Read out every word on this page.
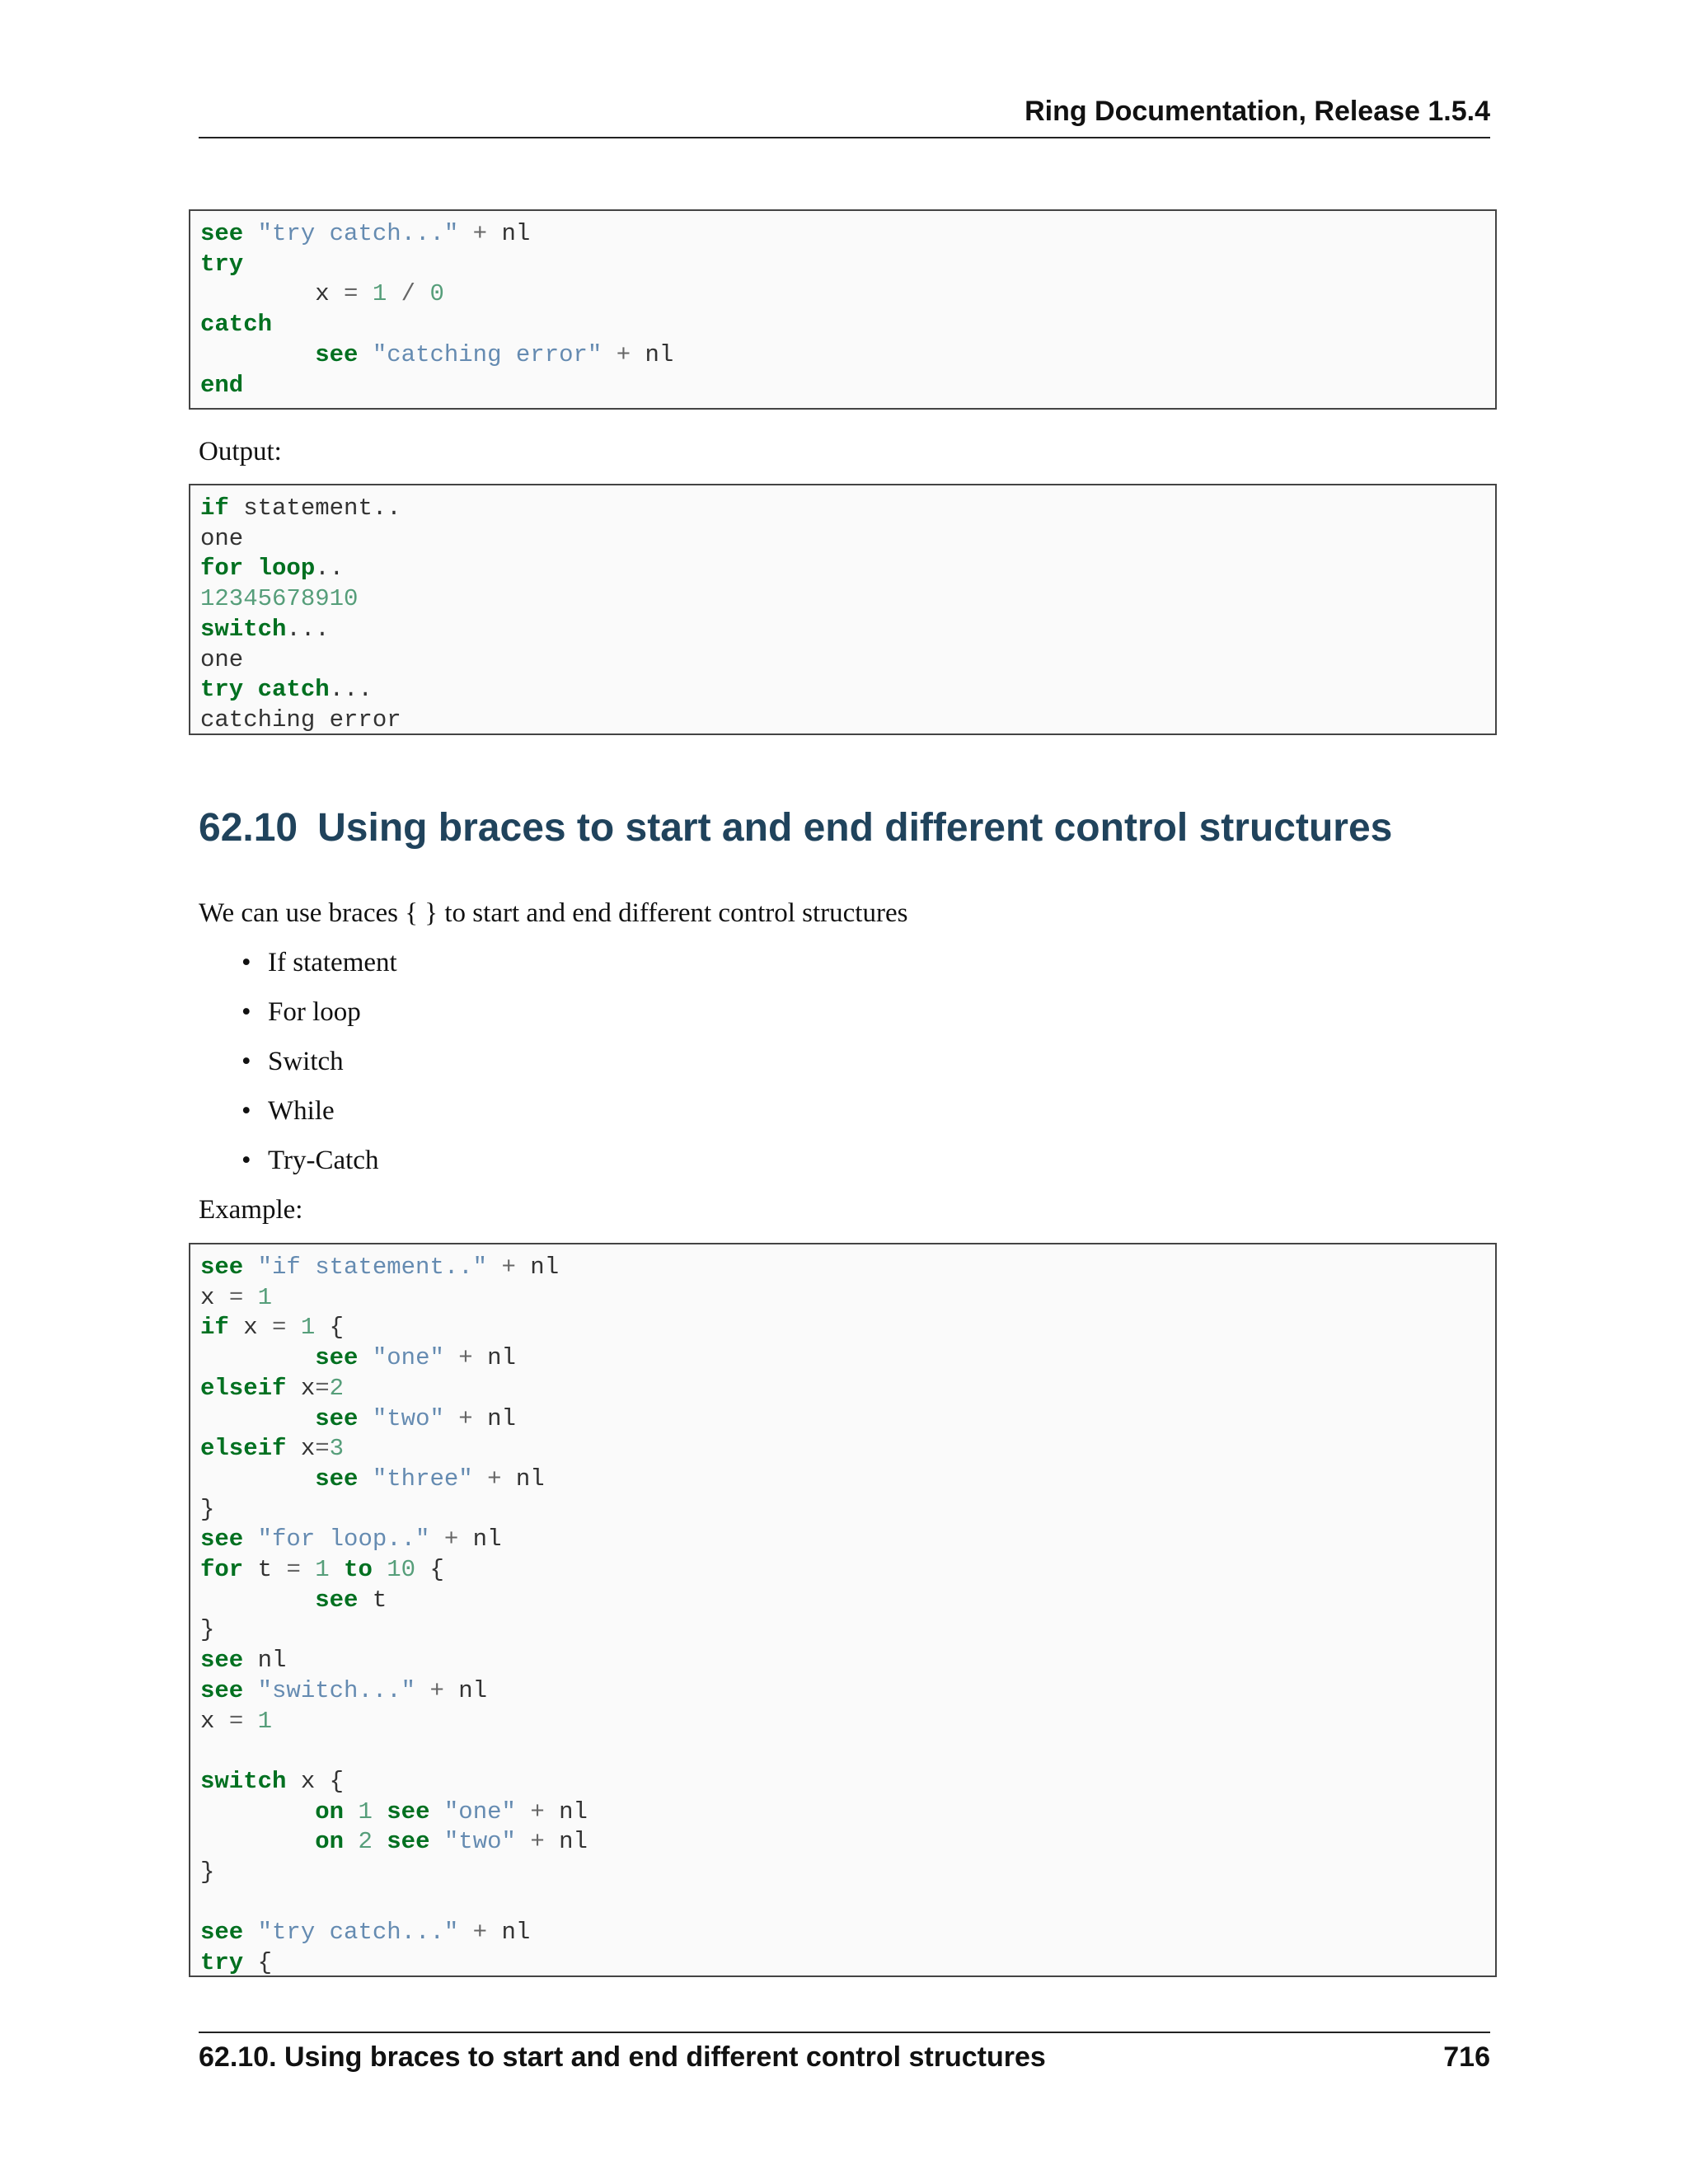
Ring Documentation, Release 1.5.4
see "try catch..." + nl
try
x = 1 / 0
catch
see "catching error" + nl
end
Output:
if statement..
one
for loop..
12345678910
switch...
one
try catch...
catching error
62.10 Using braces to start and end different control structures
We can use braces { } to start and end different control structures
• If statement
• For loop
• Switch
• While
• Try-Catch
Example:
see "if statement.." + nl
x = 1
if x = 1 {
see "one" + nl
elseif x=2
see "two" + nl
elseif x=3
see "three" + nl
}
see "for loop.." + nl
for t = 1 to 10 {
see t
}
see nl
see "switch..." + nl
x = 1

switch x {
on 1 see "one" + nl
on 2 see "two" + nl
}

see "try catch..." + nl
try {
62.10. Using braces to start and end different control structures	716
